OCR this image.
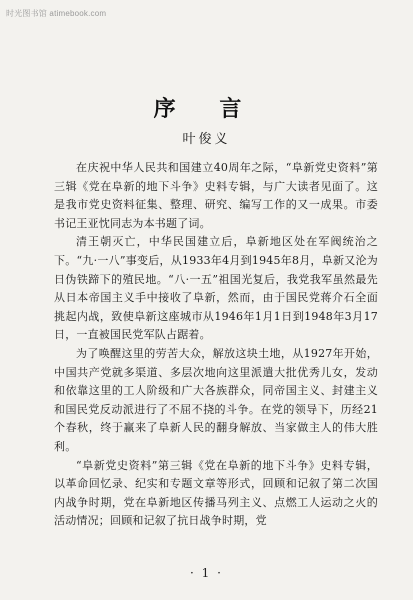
时光图书馆 atimebook.com
序 言
叶俊义

在庆祝中华人民共和国建立40周年之际，“阜新党史资料”第三辑《党在阜新的地下斗争》史料专辑，与广大读者见面了。这是我市党史资料征集、整理、研究、编写工作的又一成果。市委书记王亚忱同志为本书题了词。

清王朝灭亡，中华民国建立后，阜新地区处在军阀统治之下。“九·一八”事变后，从1933年4月到1945年8月，阜新又沦为日伪铁蹄下的殖民地。“八·一五”祖国光复后，我党我军虽然最先从日本帝国主义手中接收了阜新，然而，由于国民党蒋介石全面挑起内战，致使阜新这座城市从1946年1月1日到1948年3月17日，一直被国民党军队占踞着。

为了唤醒这里的劳苦大众，解放这块土地，从1927年开始，中国共产党就多渠道、多层次地向这里派遣大批优秀儿女，发动和依靠这里的工人阶级和广大各族群众，同帝国主义、封建主义和国民党反动派进行了不屈不挠的斗争。在党的领导下，历经21个春秋，终于赢来了阜新人民的翻身解放、当家做主人的伟大胜利。

“阜新党史资料”第三辑《党在阜新的地下斗争》史料专辑，以革命回忆录、纪实和专题文章等形式，回顾和记叙了第二次国内战争时期，党在阜新地区传播马列主义、点燃工人运动之火的活动情况；回顾和记叙了抗日战争时期，党

· 1 ·
